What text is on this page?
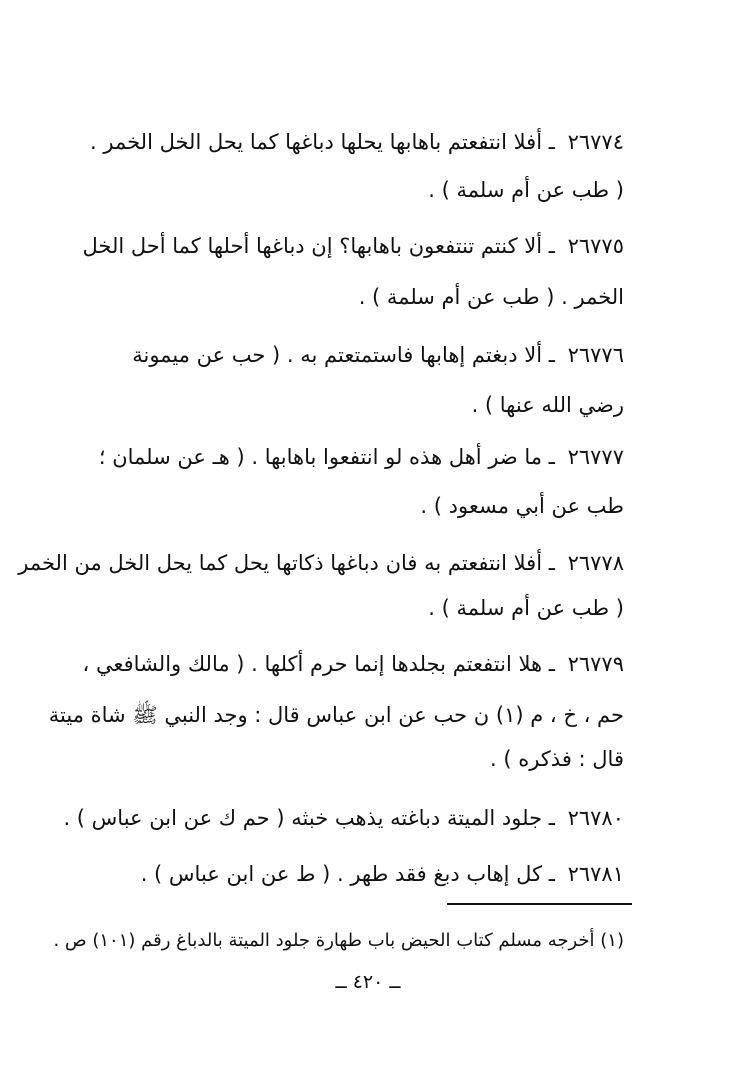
٢٦٧٧٤ ـ أفلا انتفعتم باهابها يحلها دباغها كما يحل الخل الخمر .
( طب عن أم سلمة ) .
٢٦٧٧٥ ـ ألا كنتم تنتفعون باهابها؟ إن دباغها أحلها كما أحل الخل
الخمر . ( طب عن أم سلمة ) .
٢٦٧٧٦ ـ ألا دبغتم إهابها فاستمتعتم به . ( حب عن ميمونة
رضي الله عنها ) .
٢٦٧٧٧ ـ ما ضر أهل هذه لو انتفعوا باهابها . ( هـ عن سلمان ؛
طب عن أبي مسعود ) .
٢٦٧٧٨ ـ أفلا انتفعتم به فان دباغها ذكاتها يحل كما يحل الخل من الخمر
( طب عن أم سلمة ) .
٢٦٧٧٩ ـ هلا انتفعتم بجلدها إنما حرم أكلها . ( مالك والشافعي ،
حم ، خ ، م (١) ن حب عن ابن عباس قال : وجد النبي ﷺ شاة ميتة
قال : فذكره ) .
٢٦٧٨٠ ـ جلود الميتة دباغته يذهب خبثه ( حم ك عن ابن عباس ) .
٢٦٧٨١ ـ كل إهاب دبغ فقد طهر . ( ط عن ابن عباس ) .
(١) أخرجه مسلم كتاب الحيض باب طهارة جلود الميتة بالدباغ رقم (١٠١) ص .
ــ ٤٢٠ ــ
